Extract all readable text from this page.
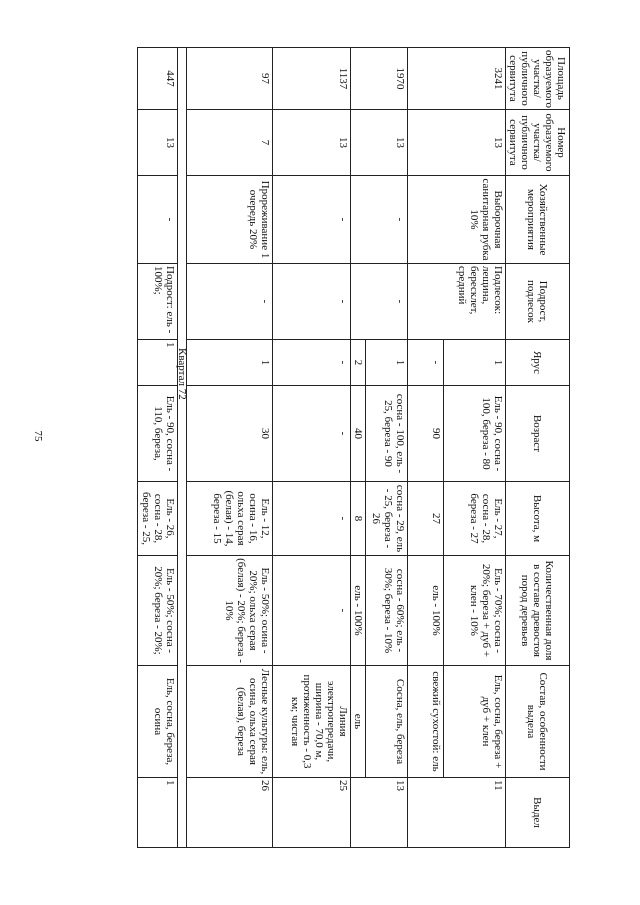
75
Площадь образуемого участка/ публичного сервитута	Номер образуемого участка/ публичного сервитута	Хозяйственные мероприятия	Подрост, подлесок	Ярус	Возраст	Высота, м	Количественная доля в составе древостоя пород деревьев	Состав, особенности выдела	Выдел
3241	13	Выборочная санитарная рубка 10%	Подлесок: лещина, бересклет, средний	1	Ель - 90, сосна - 100, береза - 80	Ель - 27, сосна - 28, береза - 27	Ель - 70%; сосна - 20%; береза + дуб + клен - 10%	Ель, сосна, береза + дуб + клен	11
				-	90	27	ель - 100%	свежий сухостой: ель	
1970	13	-	-	1	сосна - 100, ель - 25, береза - 90	сосна - 29, ель - 25, береза - 26	сосна - 60%; ель - 30%; береза - 10%	Сосна, ель, береза	13
				2	40	8	ель - 100%	ель	
1137	13	-	-	-	-	-	-	Линия электропередачи, ширина - 70,0 м, протяженность - 0,3 км; чистая	25
97	7	Прореживание 1 очередь 20%	-	1	30	Ель - 12, осина - 16, ольха серая (белая) - 14, береза - 15	Ель - 50%; осина - 20%; ольха серая (белая) - 20%; береза - 10%	Лесные культуры: ель, осина, ольха серая (белая), береза	26
Квартал 72									
447	13	-	Подрост: ель - 100%;	1	Ель - 90, сосна - 110, береза,	Ель - 26, сосна - 28, береза - 25,	Ель - 50%; сосна - 20%; береза - 20%;	Ель, сосна, береза, осина	1
